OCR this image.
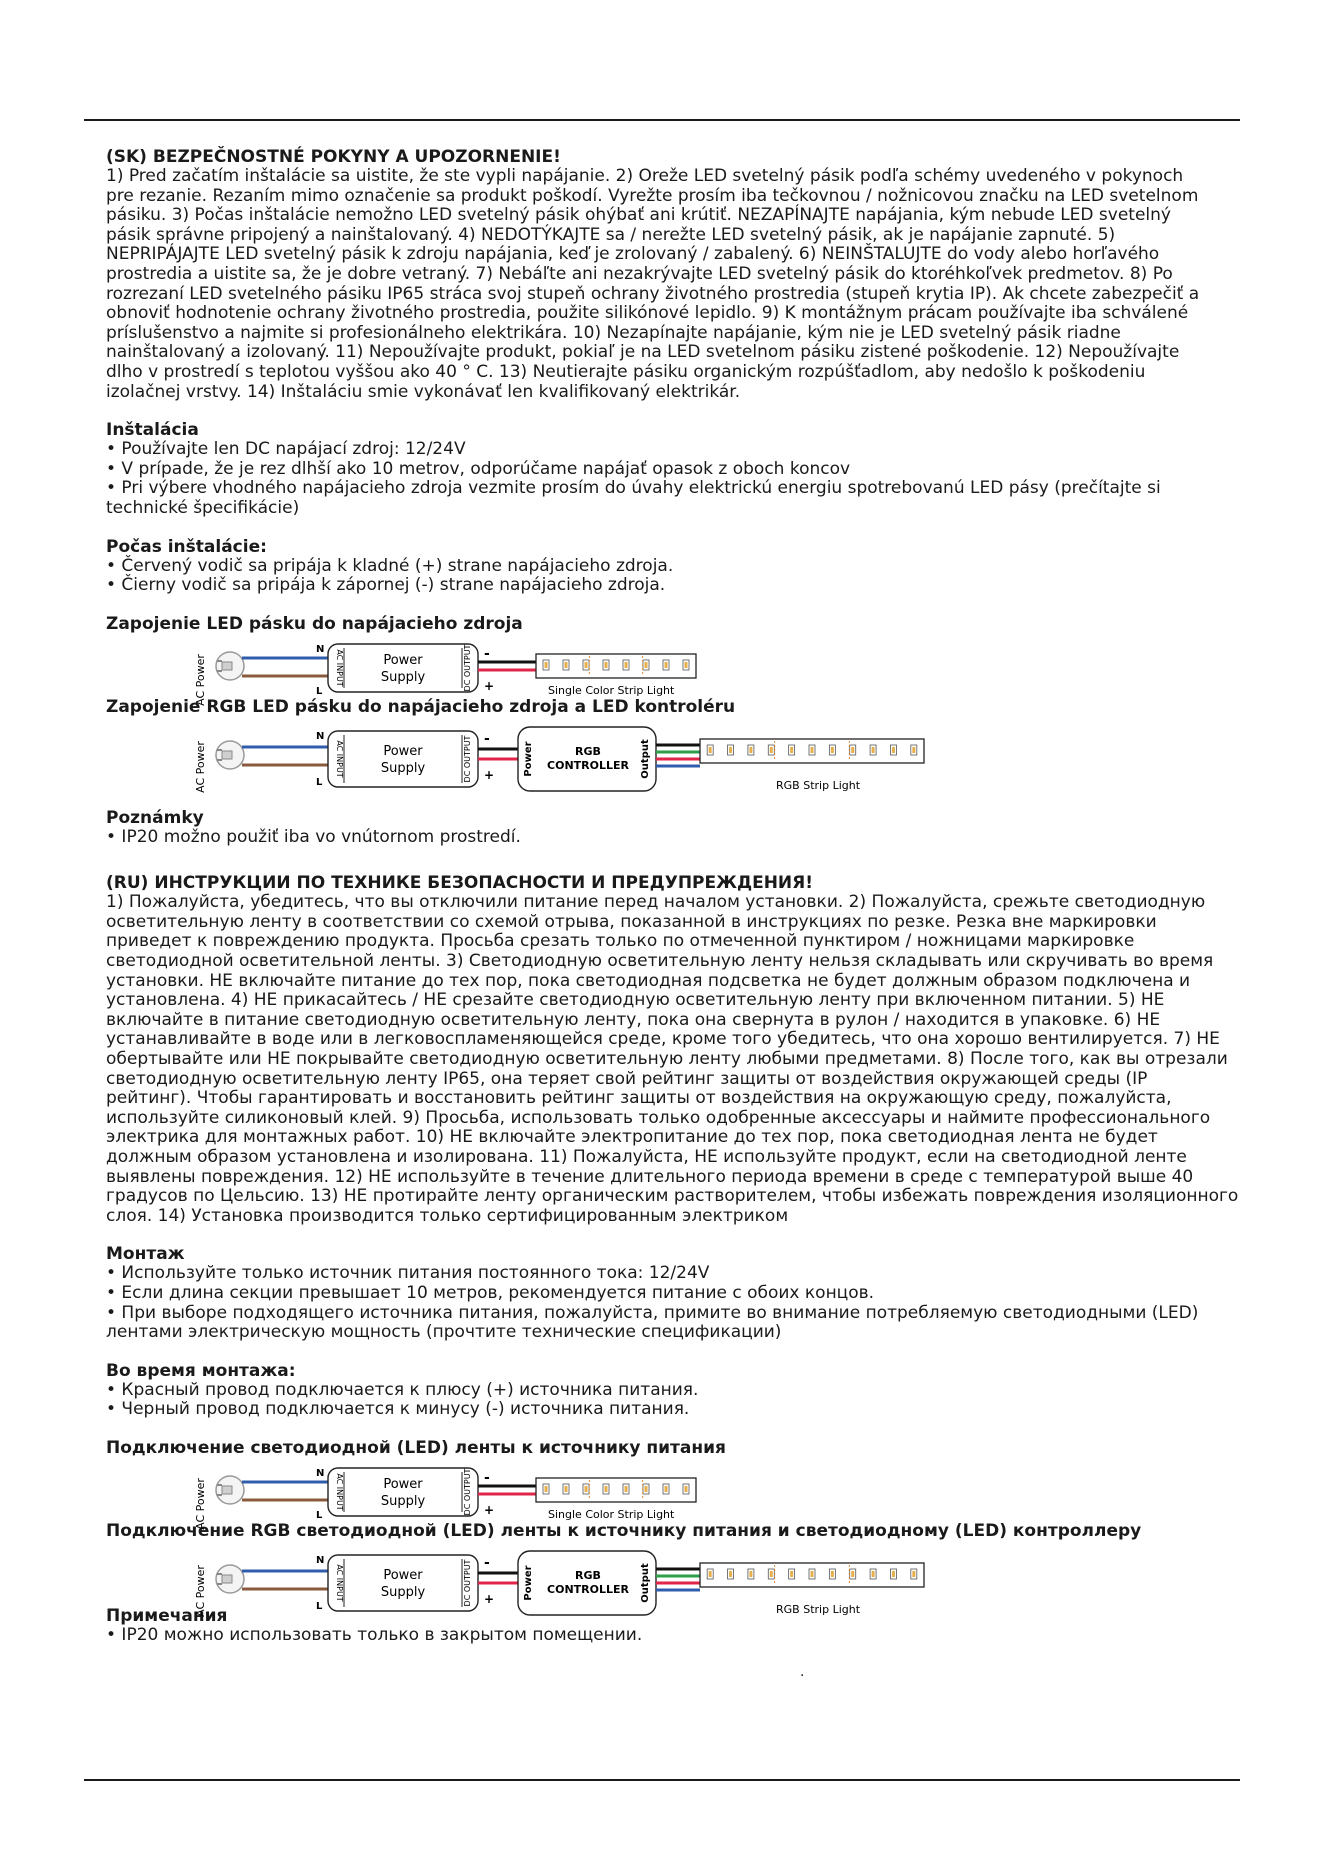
(SK) BEZPEČNOSTNÉ POKYNY A UPOZORNENIE!
1) Pred začatím inštalácie sa uistite, že ste vypli napájanie. 2) Oreže LED svetelný pásik podľa schémy uvedeného v pokynoch
pre rezanie. Rezaním mimo označenie sa produkt poškodí. Vyrežte prosím iba tečkovnou / nožnicovou značku na LED svetelnom
pásiku. 3) Počas inštalácie nemožno LED svetelný pásik ohýbať ani krútiť. NEZAPÍNAJTE napájania, kým nebude LED svetelný
pásik správne pripojený a nainštalovaný. 4) NEDOTÝKAJTE sa / nerežte LED svetelný pásik, ak je napájanie zapnuté. 5)
NEPRIPÁJAJTE LED svetelný pásik k zdroju napájania, keď je zrolovaný / zabalený. 6) NEINŠTALUJTE do vody alebo horľavého
prostredia a uistite sa, že je dobre vetraný. 7) Nebáľte ani nezakrývajte LED svetelný pásik do ktoréhkoľvek predmetov. 8) Po
rozrezaní LED svetelného pásiku IP65 stráca svoj stupeň ochrany životného prostredia (stupeň krytia IP). Ak chcete zabezpečiť a
obnoviť hodnotenie ochrany životného prostredia, použite silikónové lepidlo. 9) K montážnym prácam používajte iba schválené
príslušenstvo a najmite si profesionálneho elektrikára. 10) Nezapínajte napájanie, kým nie je LED svetelný pásik riadne
nainštalovaný a izolovaný. 11) Nepoužívajte produkt, pokiaľ je na LED svetelnom pásiku zistené poškodenie. 12) Nepoužívajte
dlho v prostredí s teplotou vyššou ako 40 ° C. 13) Neutierajte pásiku organickým rozpúšťadlom, aby nedošlo k poškodeniu
izolačnej vrstvy. 14) Inštaláciu smie vykonávať len kvalifikovaný elektrikár.
Inštalácia
• Používajte len DC napájací zdroj: 12/24V
• V prípade, že je rez dlhší ako 10 metrov, odporúčame napájať opasok z oboch koncov
• Pri výbere vhodného napájacieho zdroja vezmite prosím do úvahy elektrickú energiu spotrebovanú LED pásy (prečítajte si
technické špecifikácie)
Počas inštalácie:
• Červený vodič sa pripája k kladné (+) strane napájacieho zdroja.
• Čierny vodič sa pripája k zápornej (-) strane napájacieho zdroja.
Zapojenie LED pásku do napájacieho zdroja
AC Power
N
L
AC INPUT	DC OUTPUT
Power
Supply
-
+	Single Color Strip Light
Zapojenie RGB LED pásku do napájacieho zdroja a LED kontroléru
AC Power
N
L
AC INPUT	DC OUTPUT
Power
Supply
-
+	Power	RGB
CONTROLLER Output
RGB Strip Light
Poznámky
• IP20 možno použiť iba vo vnútornom prostredí.
(RU) ИНСТРУКЦИИ ПО ТЕХНИКЕ БЕЗОПАСНОСТИ И ПРЕДУПРЕЖДЕНИЯ!
1) Пожалуйста, убедитесь, что вы отключили питание перед началом установки. 2) Пожалуйста, срежьте светодиодную
осветительную ленту в соответствии со схемой отрыва, показанной в инструкциях по резке. Резка вне маркировки
приведет к повреждению продукта. Просьба срезать только по отмеченной пунктиром / ножницами маркировке
светодиодной осветительной ленты. 3) Светодиодную осветительную ленту нельзя складывать или скручивать во время
установки. НЕ включайте питание до тех пор, пока светодиодная подсветка не будет должным образом подключена и
установлена. 4) НЕ прикасайтесь / НЕ срезайте светодиодную осветительную ленту при включенном питании. 5) НЕ
включайте в питание светодиодную осветительную ленту, пока она свернута в рулон / находится в упаковке. 6) НЕ
устанавливайте в воде или в легковоспламеняющейся среде, кроме того убедитесь, что она хорошо вентилируется. 7) НЕ
обертывайте или НЕ покрывайте светодиодную осветительную ленту любыми предметами. 8) После того, как вы отрезали
светодиодную осветительную ленту IP65, она теряет свой рейтинг защиты от воздействия окружающей среды (IP
рейтинг). Чтобы гарантировать и восстановить рейтинг защиты от воздействия на окружающую среду, пожалуйста,
используйте силиконовый клей. 9) Просьба, использовать только одобренные аксессуары и наймите профессионального
электрика для монтажных работ. 10) НЕ включайте электропитание до тех пор, пока светодиодная лента не будет
должным образом установлена и изолирована. 11) Пожалуйста, НЕ используйте продукт, если на светодиодной ленте
выявлены повреждения. 12) НЕ используйте в течение длительного периода времени в среде с температурой выше 40
градусов по Цельсию. 13) НЕ протирайте ленту органическим растворителем, чтобы избежать повреждения изоляционного
слоя. 14) Установка производится только сертифицированным электриком
Монтаж
• Используйте только источник питания постоянного тока: 12/24V
• Если длина секции превышает 10 метров, рекомендуется питание с обоих концов.
• При выборе подходящего источника питания, пожалуйста, примите во внимание потребляемую светодиодными (LED)
лентами электрическую мощность (прочтите технические спецификации)
Во время монтажа:
• Красный провод подключается к плюсу (+) источника питания.
• Черный провод подключается к минусу (-) источника питания.
Подключение светодиодной (LED) ленты к источнику питания
AC Power
N
L
AC INPUT	DC OUTPUT
Power
Supply
-
+	Single Color Strip Light
Подключение RGB светодиодной (LED) ленты к источнику питания и светодиодному (LED) контроллеру
AC Power
N
L
AC INPUT	DC OUTPUT
Power
Supply
-
+	Power	RGB
CONTROLLER Output
RGB Strip Light
Примечания
• IP20 можно использовать только в закрытом помещении.
.
